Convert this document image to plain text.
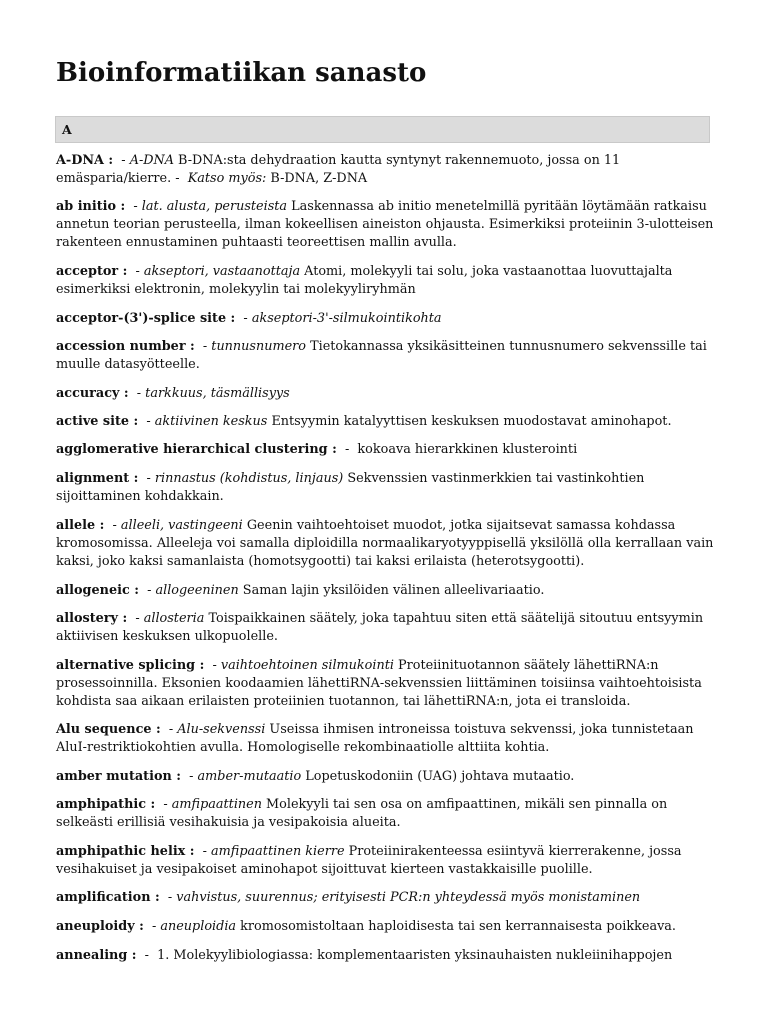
Bioinformatiikan sanasto
A

A-DNA : - A-DNA B-DNA:sta dehydraation kautta syntynyt rakennemuoto, jossa on 11 emäsparia/kierre. - Katso myös: B-DNA, Z-DNA

ab initio : - lat. alusta, perusteista Laskennassa ab initio menetelmillä pyritään löytämään ratkaisu annetun teorian perusteella, ilman kokeellisen aineiston ohjausta. Esimerkiksi proteiinin 3-ulotteisen rakenteen ennustaminen puhtaasti teoreettisen mallin avulla.

acceptor : - akseptori, vastaanottaja Atomi, molekyyli tai solu, joka vastaanottaa luovuttajalta esimerkiksi elektronin, molekyylin tai molekyyliryhmän

acceptor-(3')-splice site : - akseptori-3'-silmukointikohta

accession number : - tunnusnumero Tietokannassa yksikäsitteinen tunnusnumero sekvenssille tai muulle datasyötteelle.

accuracy : - tarkkuus, täsmällisyys

active site : - aktiivinen keskus Entsyymin katalyyttisen keskuksen muodostavat aminohapot.

agglomerative hierarchical clustering : -  kokoava hierarkkinen klusterointi

alignment : - rinnastus (kohdistus, linjaus) Sekvenssien vastinmerkkien tai vastinkohtien sijoittaminen kohdakkain.

allele : - alleeli, vastingeeni Geenin vaihtoehtoiset muodot, jotka sijaitsevat samassa kohdassa kromosomissa. Alleeleja voi samalla diploidilla normaalikaryotyyppisellä yksilöllä olla kerrallaan vain kaksi, joko kaksi samanlaista (homotsygootti) tai kaksi erilaista (heterotsygootti).

allogeneic : - allogeeninen Saman lajin yksilöiden välinen alleelivariaatio.

allostery : - allosteria Toispaikkainen säätely, joka tapahtuu siten että säätelijä sitoutuu entsyymin aktiivisen keskuksen ulkopuolelle.

alternative splicing : - vaihtoehtoinen silmukointi Proteiinituotannon säätely lähettiRNA:n prosessoinnilla. Eksonien koodaamien lähettiRNA-sekvenssien liittäminen toisiinsa vaihtoehtoisista kohdista saa aikaan erilaisten proteiinien tuotannon, tai lähettiRNA:n, jota ei transloida.

Alu sequence : - Alu-sekvenssi Useissa ihmisen introneissa toistuva sekvenssi, joka tunnistetaan AluI-restriktiokohtien avulla. Homologiselle rekombinaatiolle alttiita kohtia.

amber mutation : - amber-mutaatio Lopetuskodoniin (UAG) johtava mutaatio.

amphipathic : - amfipaattinen Molekyyli tai sen osa on amfipaattinen, mikäli sen pinnalla on selkeästi erillisiä vesihakuisia ja vesipakoisia alueita.

amphipathic helix : - amfipaattinen kierre Proteiinirakenteessa esiintyvä kierrerakenne, jossa vesihakuiset ja vesipakoiset aminohapot sijoittuvat kierteen vastakkaisille puolille.

amplification : - vahvistus, suurennus; erityisesti PCR:n yhteydessä myös monistaminen

aneuploidy : - aneuploidia kromosomistoltaan haploidisesta tai sen kerrannaisesta poikkeava.

annealing : -  1. Molekyylibiologiassa: komplementaaristen yksinauhaisten nukleiinihappojen
